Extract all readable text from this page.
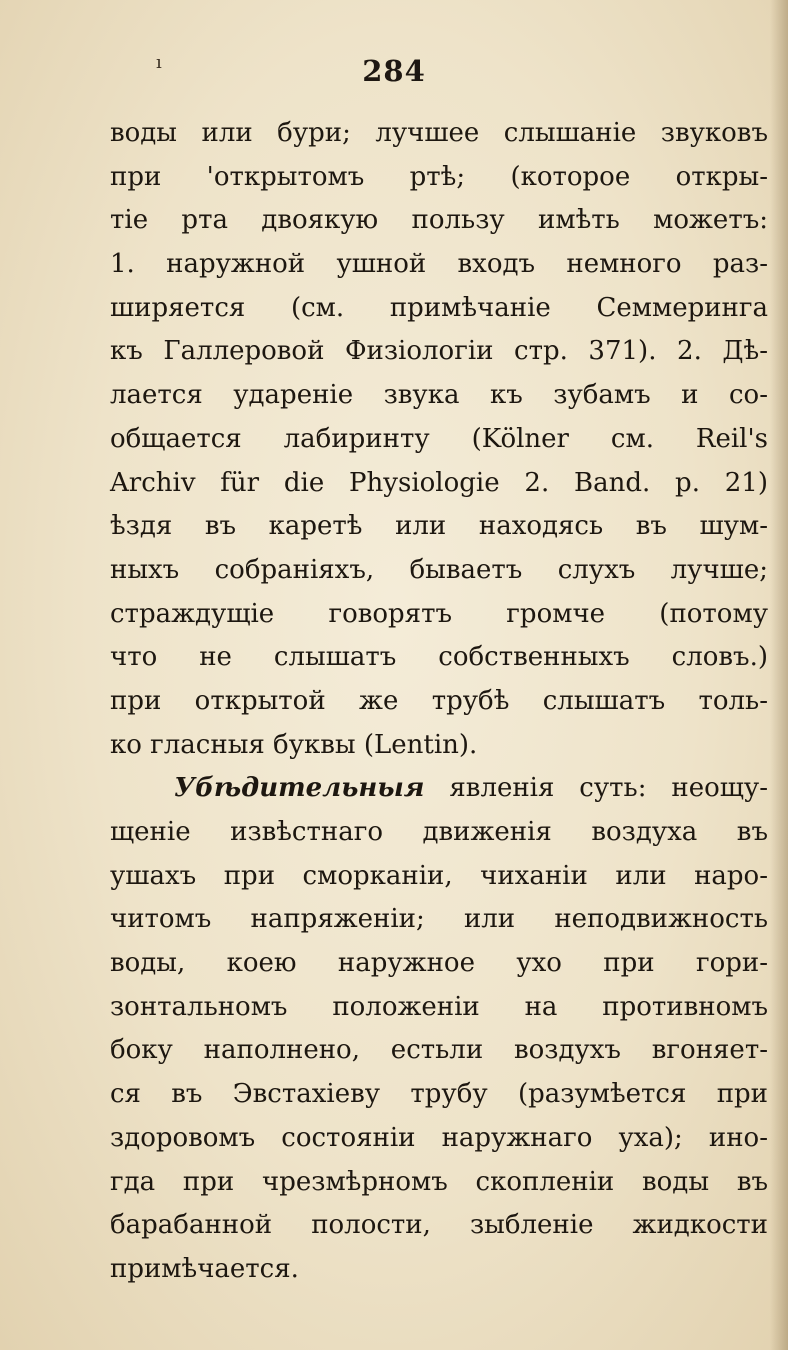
ı	284
воды или бури; лучшее слышаніе звуковъ
при 'открытомъ ртѣ; (которое откры-
тіе рта двоякую пользу имѣть можетъ:
1. наружной ушной входъ немного раз-
ширяется (см. примѣчаніе Семмеринга
къ Галлеровой Физіологіи стр. 371). 2. Дѣ-
лается удареніе звука къ зубамъ и со-
общается лабиринту (Kölner см. Reil's
Archiv für die Physiologie 2. Band. p. 21)
ѣздя въ каретѣ или находясь въ шум-
ныхъ собраніяхъ, бываетъ слухъ лучше;
страждущіе говорятъ громче (потому
что не слышатъ собственныхъ словъ.)
при открытой же трубѣ слышатъ толь-
ко гласныя буквы (Lentin).
Убѣдительныя явленія суть: неощу-
щеніе извѣстнаго движенія воздуха въ
ушахъ при сморканіи, чиханіи или наро-
читомъ напряженіи; или неподвижность
воды, коею наружное ухо при гори-
зонтальномъ положеніи на противномъ
боку наполнено, естьли воздухъ вгоняет-
ся въ Эвстахіеву трубу (разумѣется при
здоровомъ состояніи наружнаго уха); ино-
гда при чрезмѣрномъ скопленіи воды въ
барабанной полости, зыбленіе жидкости
примѣчается.
